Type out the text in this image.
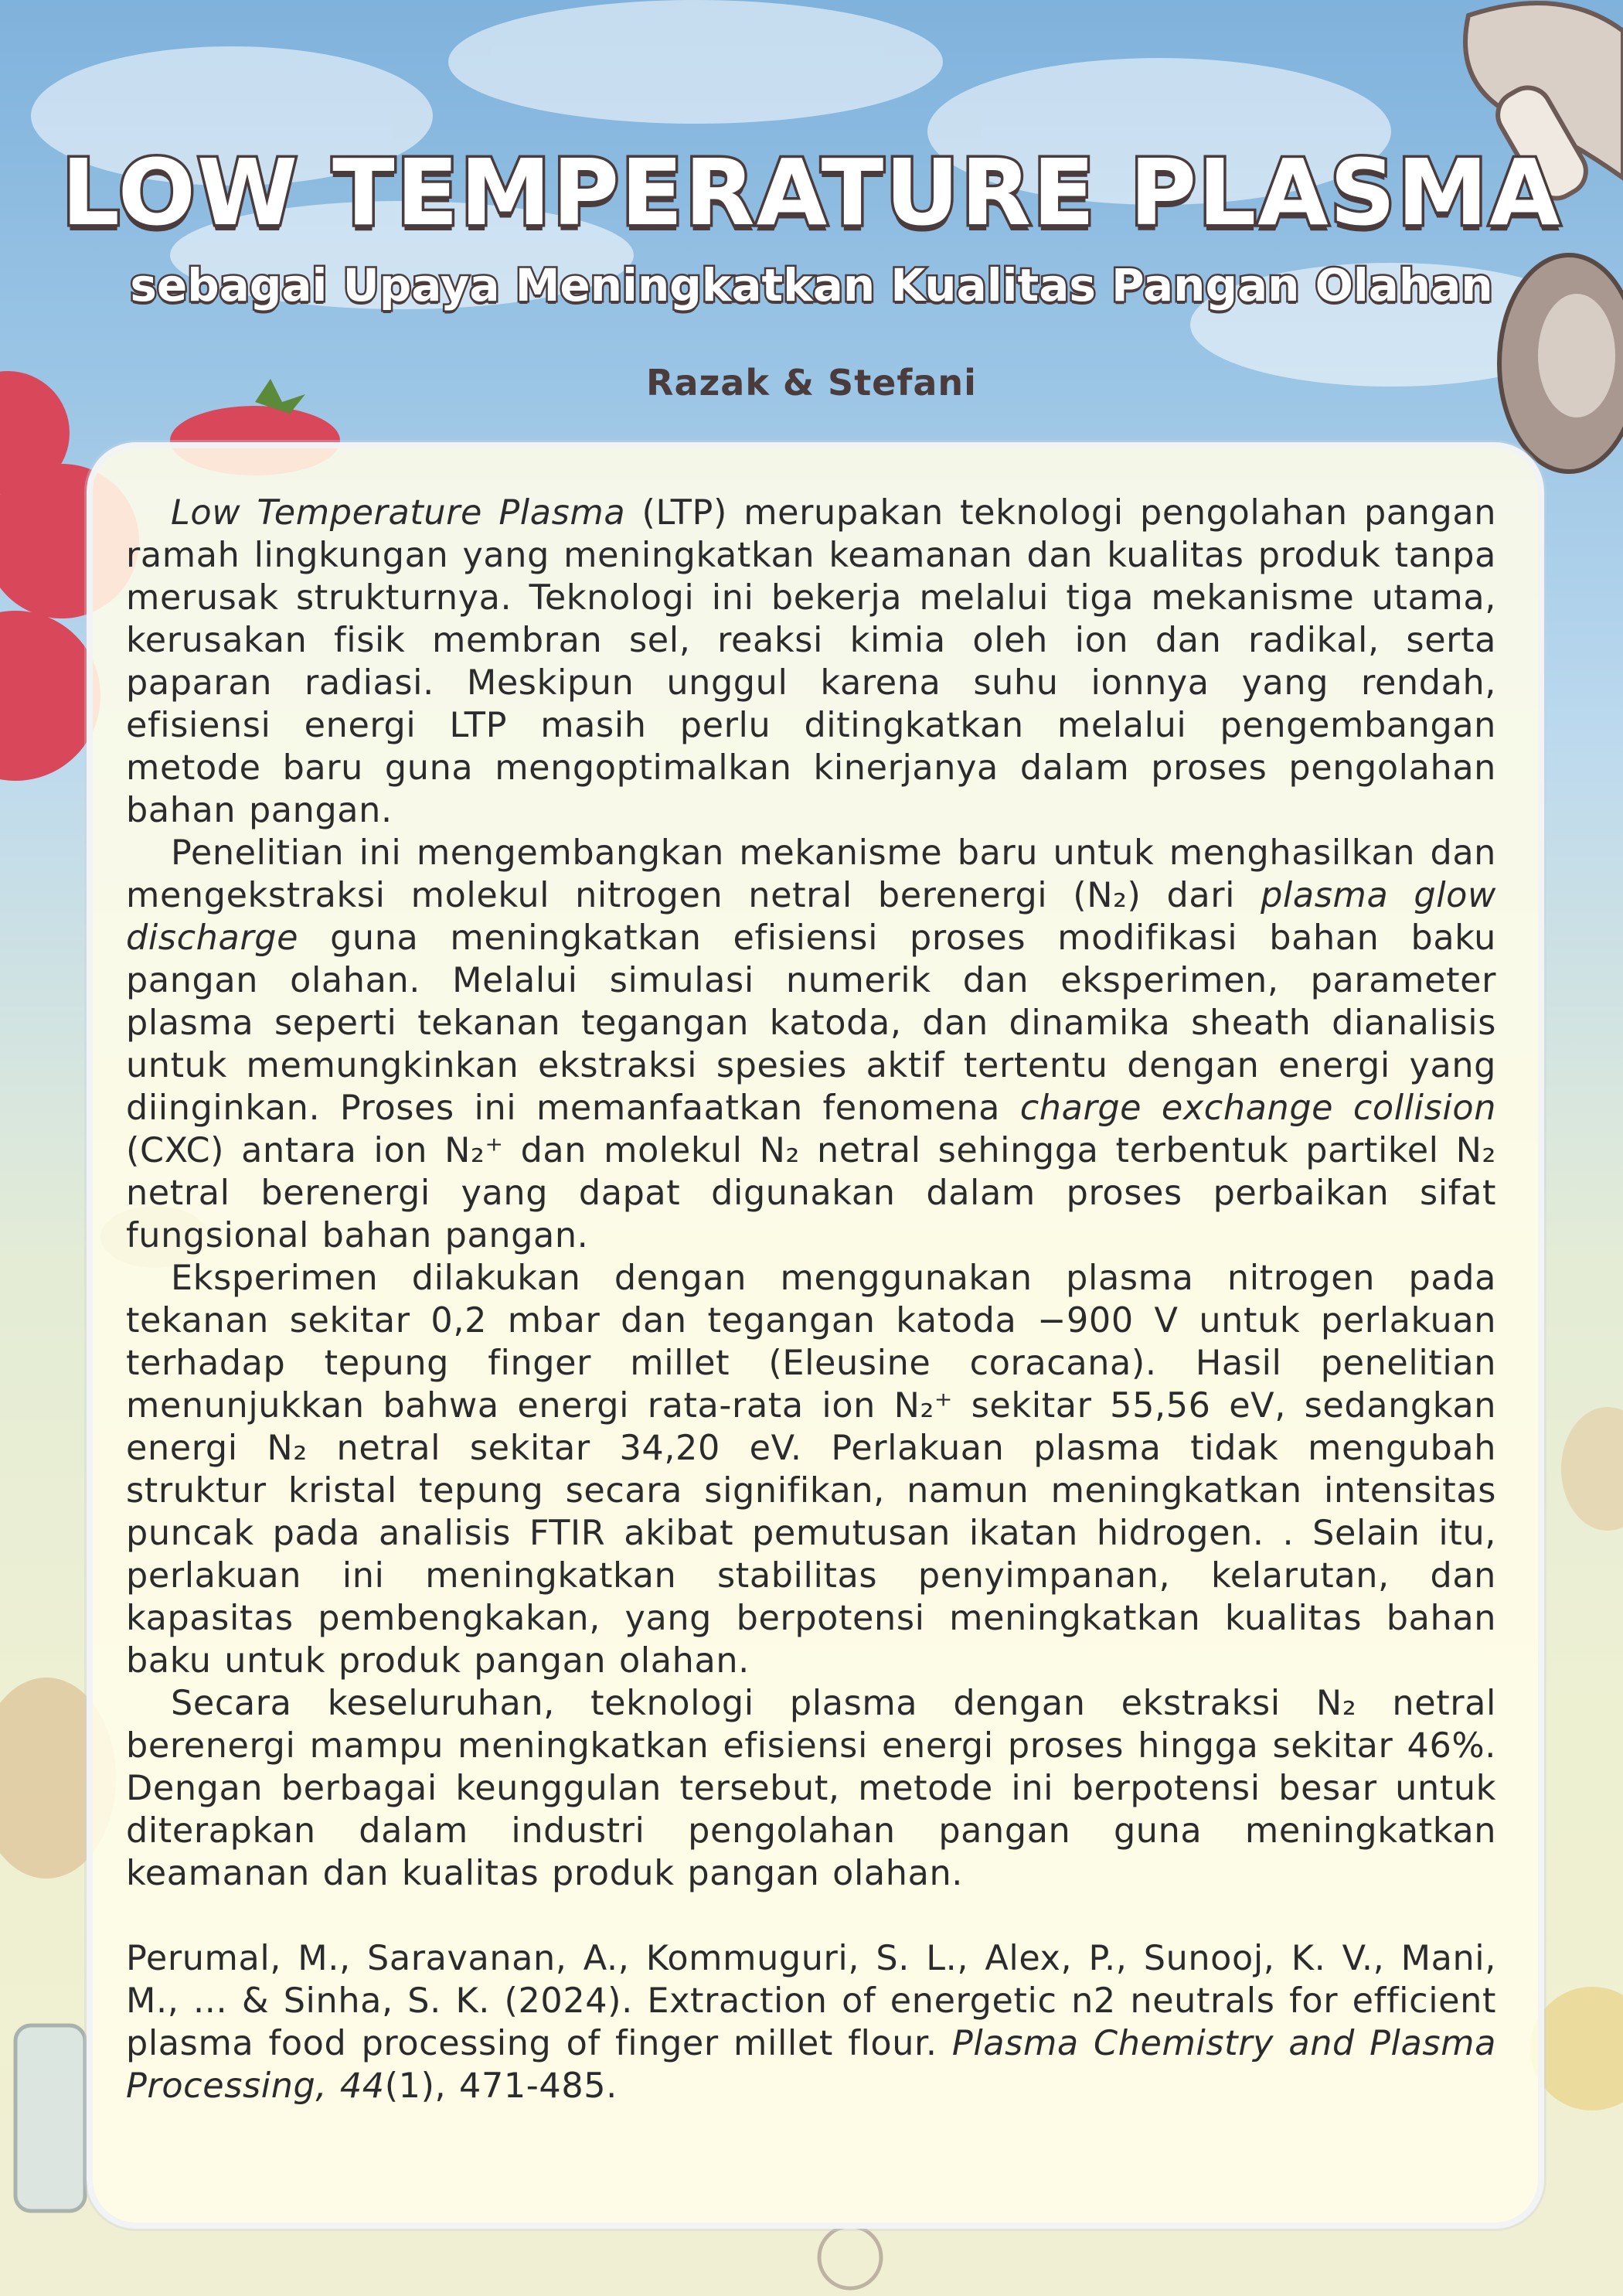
LOW TEMPERATURE PLASMA
sebagai Upaya Meningkatkan Kualitas Pangan Olahan
Razak & Stefani

Low Temperature Plasma (LTP) merupakan teknologi pengolahan pangan ramah lingkungan yang meningkatkan keamanan dan kualitas produk tanpa merusak strukturnya. Teknologi ini bekerja melalui tiga mekanisme utama, kerusakan fisik membran sel, reaksi kimia oleh ion dan radikal, serta paparan radiasi. Meskipun unggul karena suhu ionnya yang rendah, efisiensi energi LTP masih perlu ditingkatkan melalui pengembangan metode baru guna mengoptimalkan kinerjanya dalam proses pengolahan bahan pangan.

Penelitian ini mengembangkan mekanisme baru untuk menghasilkan dan mengekstraksi molekul nitrogen netral berenergi (N₂) dari plasma glow discharge guna meningkatkan efisiensi proses modifikasi bahan baku pangan olahan. Melalui simulasi numerik dan eksperimen, parameter plasma seperti tekanan tegangan katoda, dan dinamika sheath dianalisis untuk memungkinkan ekstraksi spesies aktif tertentu dengan energi yang diinginkan. Proses ini memanfaatkan fenomena charge exchange collision (CXC) antara ion N₂⁺ dan molekul N₂ netral sehingga terbentuk partikel N₂ netral berenergi yang dapat digunakan dalam proses perbaikan sifat fungsional bahan pangan.

Eksperimen dilakukan dengan menggunakan plasma nitrogen pada tekanan sekitar 0,2 mbar dan tegangan katoda −900 V untuk perlakuan terhadap tepung finger millet (Eleusine coracana). Hasil penelitian menunjukkan bahwa energi rata-rata ion N₂⁺ sekitar 55,56 eV, sedangkan energi N₂ netral sekitar 34,20 eV. Perlakuan plasma tidak mengubah struktur kristal tepung secara signifikan, namun meningkatkan intensitas puncak pada analisis FTIR akibat pemutusan ikatan hidrogen. . Selain itu, perlakuan ini meningkatkan stabilitas penyimpanan, kelarutan, dan kapasitas pembengkakan, yang berpotensi meningkatkan kualitas bahan baku untuk produk pangan olahan.

Secara keseluruhan, teknologi plasma dengan ekstraksi N₂ netral berenergi mampu meningkatkan efisiensi energi proses hingga sekitar 46%. Dengan berbagai keunggulan tersebut, metode ini berpotensi besar untuk diterapkan dalam industri pengolahan pangan guna meningkatkan keamanan dan kualitas produk pangan olahan.

Perumal, M., Saravanan, A., Kommuguri, S. L., Alex, P., Sunooj, K. V., Mani, M., ... & Sinha, S. K. (2024). Extraction of energetic n2 neutrals for efficient plasma food processing of finger millet flour. Plasma Chemistry and Plasma Processing, 44(1), 471-485.
